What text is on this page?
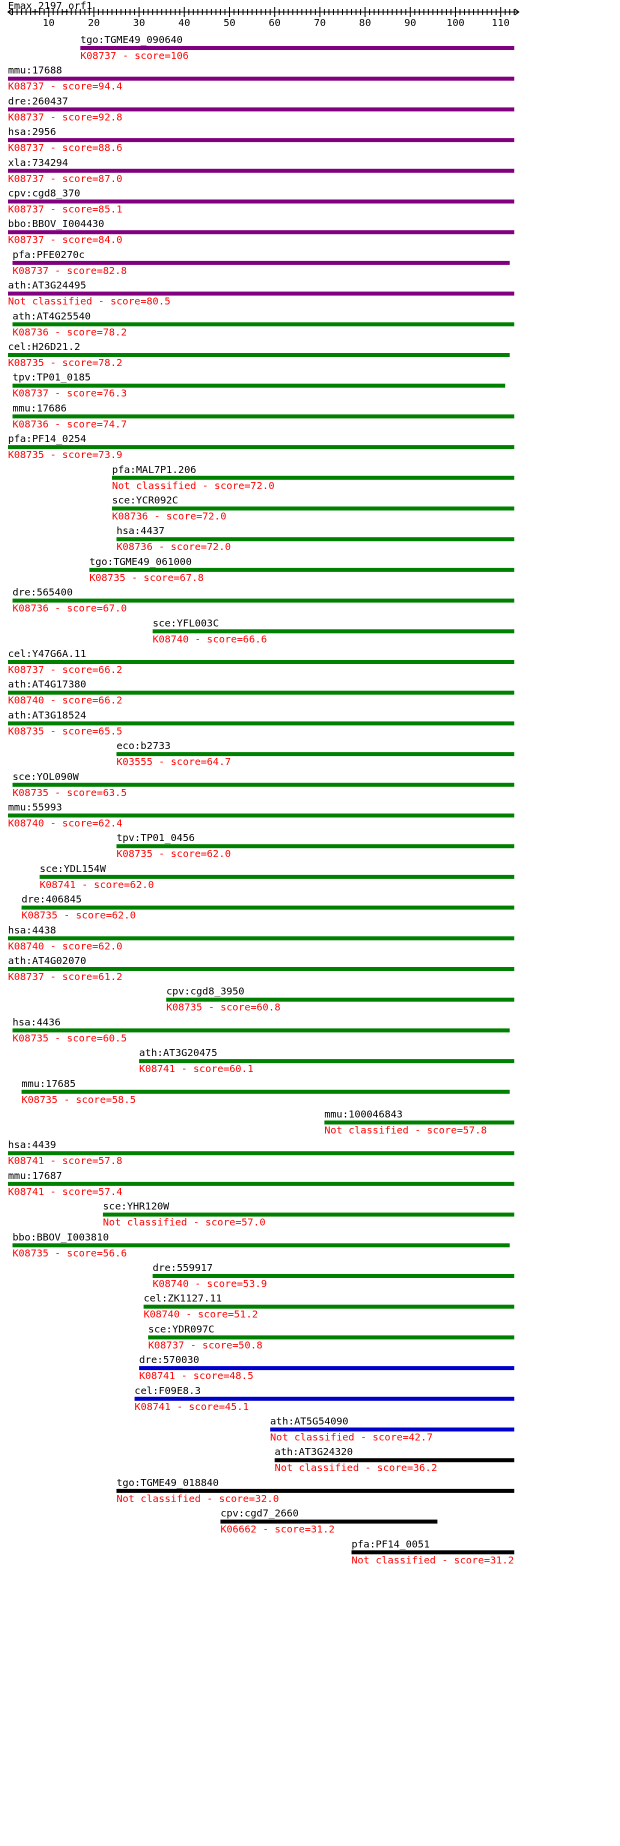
Emax_2197_orf1
10	20	30	40	50	60	70	80	90	100	110
tgo:TGME49_090640
K08737 - score=106
mmu:17688
K08737 - score=94.4
dre:260437
K08737 - score=92.8
hsa:2956
K08737 - score=88.6
xla:734294
K08737 - score=87.0
cpv:cgd8_370
K08737 - score=85.1
bbo:BBOV_I004430
K08737 - score=84.0
pfa:PFE0270c
K08737 - score=82.8
ath:AT3G24495
Not classified - score=80.5
ath:AT4G25540
K08736 - score=78.2
cel:H26D21.2
K08735 - score=78.2
tpv:TP01_0185
K08737 - score=76.3
mmu:17686
K08736 - score=74.7
pfa:PF14_0254
K08735 - score=73.9
pfa:MAL7P1.206
Not classified - score=72.0
sce:YCR092C
K08736 - score=72.0
hsa:4437
K08736 - score=72.0
tgo:TGME49_061000
K08735 - score=67.8
dre:565400
K08736 - score=67.0
sce:YFL003C
K08740 - score=66.6
cel:Y47G6A.11
K08737 - score=66.2
ath:AT4G17380
K08740 - score=66.2
ath:AT3G18524
K08735 - score=65.5
eco:b2733
K03555 - score=64.7
sce:YOL090W
K08735 - score=63.5
mmu:55993
K08740 - score=62.4
tpv:TP01_0456
K08735 - score=62.0
sce:YDL154W
K08741 - score=62.0
dre:406845
K08735 - score=62.0
hsa:4438
K08740 - score=62.0
ath:AT4G02070
K08737 - score=61.2
cpv:cgd8_3950
K08735 - score=60.8
hsa:4436
K08735 - score=60.5
ath:AT3G20475
K08741 - score=60.1
mmu:17685
K08735 - score=58.5
mmu:100046843
Not classified - score=57.8
hsa:4439
K08741 - score=57.8
mmu:17687
K08741 - score=57.4
sce:YHR120W
Not classified - score=57.0
bbo:BBOV_I003810
K08735 - score=56.6
dre:559917
K08740 - score=53.9
cel:ZK1127.11
K08740 - score=51.2
sce:YDR097C
K08737 - score=50.8
dre:570030
K08741 - score=48.5
cel:F09E8.3
K08741 - score=45.1
ath:AT5G54090
Not classified - score=42.7
ath:AT3G24320
Not classified - score=36.2
tgo:TGME49_018840
Not classified - score=32.0
cpv:cgd7_2660
K06662 - score=31.2
pfa:PF14_0051
Not classified - score=31.2
